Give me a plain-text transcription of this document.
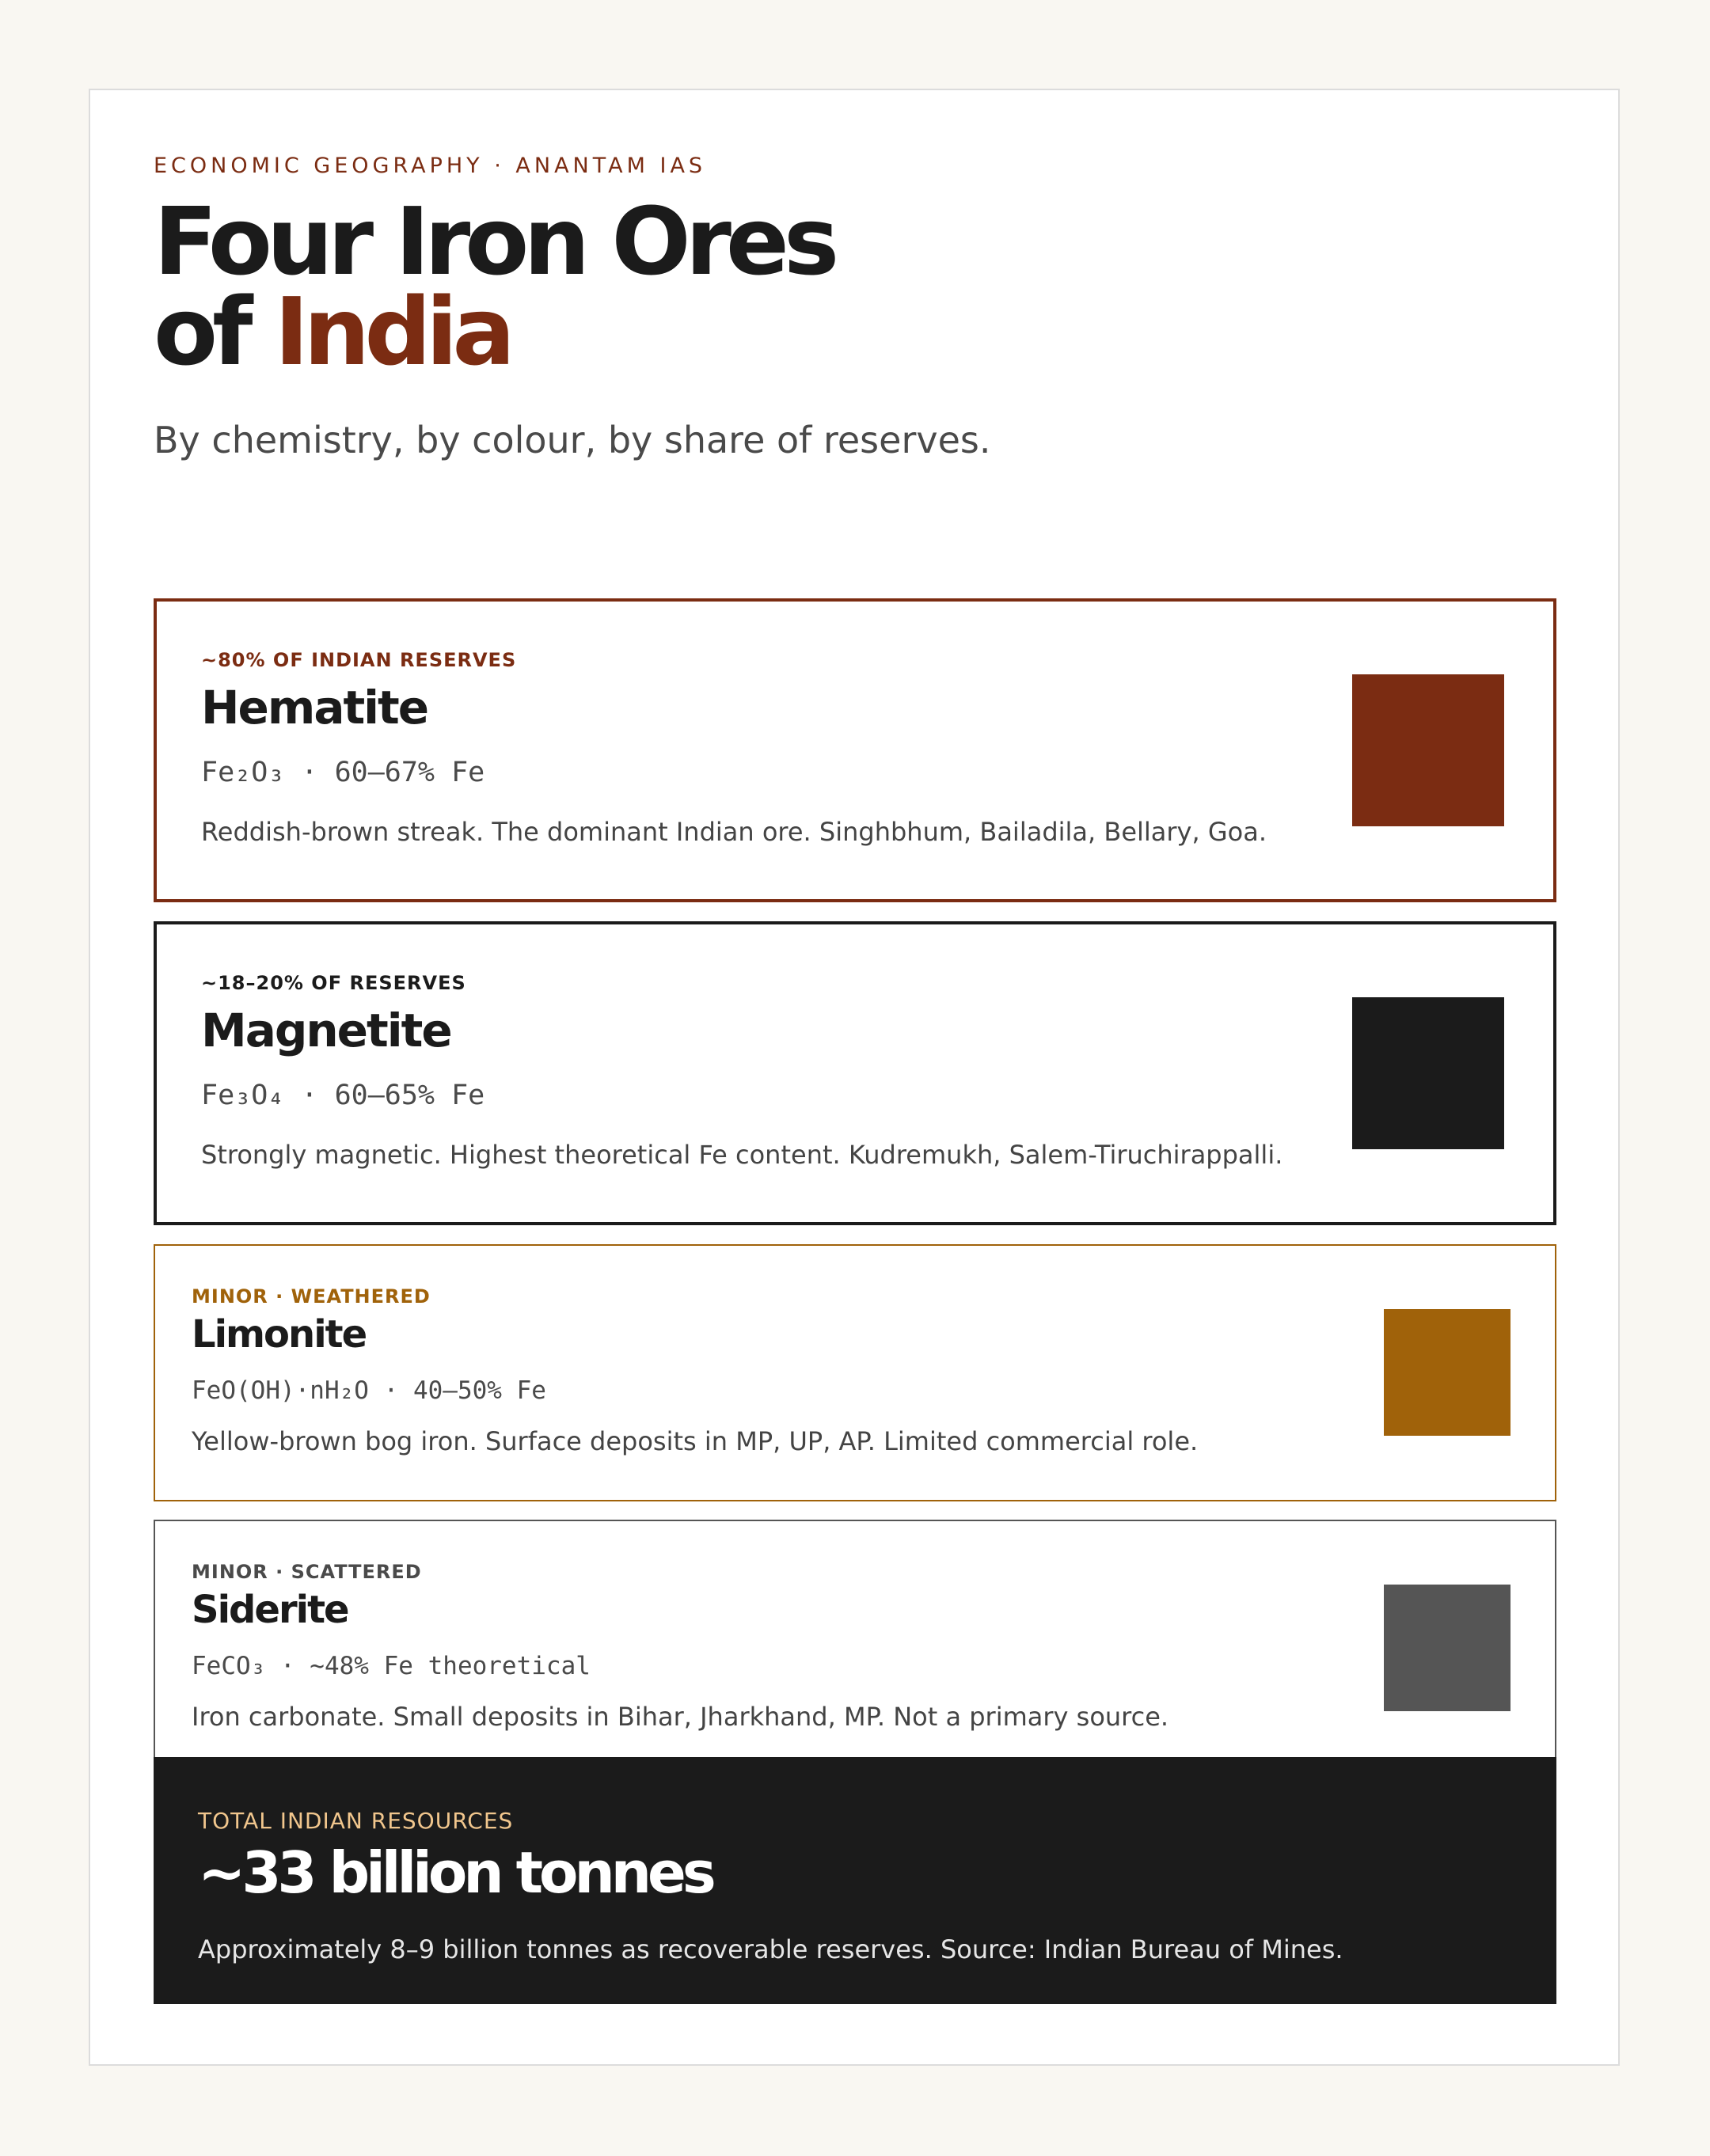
ECONOMIC GEOGRAPHY · ANANTAM IAS
Four Iron Ores
of India
By chemistry, by colour, by share of reserves.
~80% OF INDIAN RESERVES
Hematite
Fe₂O₃ · 60–67% Fe
Reddish-brown streak. The dominant Indian ore. Singhbhum, Bailadila, Bellary, Goa.
~18–20% OF RESERVES
Magnetite
Fe₃O₄ · 60–65% Fe
Strongly magnetic. Highest theoretical Fe content. Kudremukh, Salem-Tiruchirappalli.
MINOR · WEATHERED
Limonite
FeO(OH)·nH₂O · 40–50% Fe
Yellow-brown bog iron. Surface deposits in MP, UP, AP. Limited commercial role.
MINOR · SCATTERED
Siderite
FeCO₃ · ~48% Fe theoretical
Iron carbonate. Small deposits in Bihar, Jharkhand, MP. Not a primary source.
TOTAL INDIAN RESOURCES
~33 billion tonnes
Approximately 8–9 billion tonnes as recoverable reserves. Source: Indian Bureau of Mines.
